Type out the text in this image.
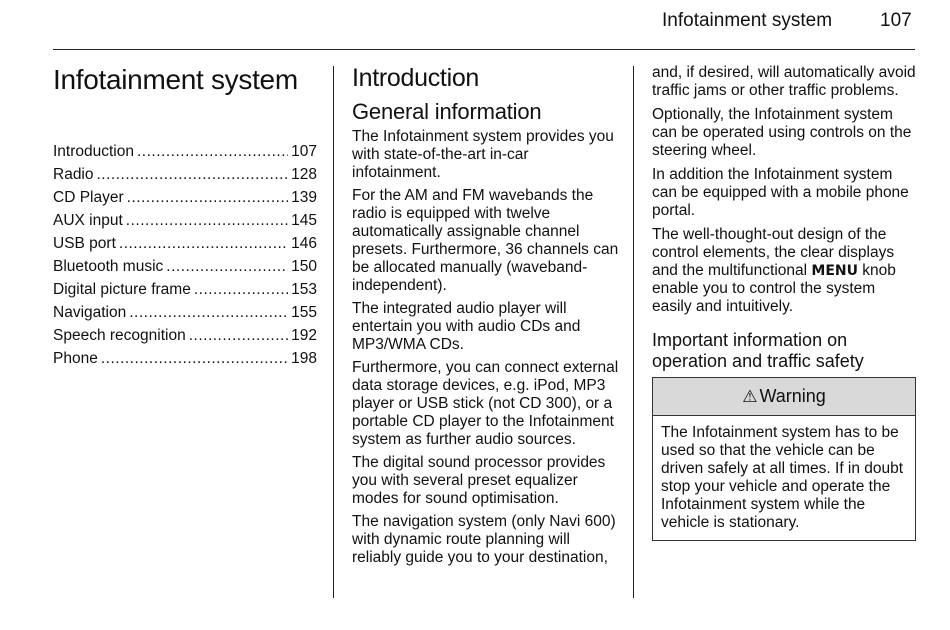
Infotainment system	107
Infotainment system
Introduction .....	107
Radio .....	128
CD Player .....	139
AUX input .....	145
USB port .....	146
Bluetooth music .....	150
Digital picture frame .....	153
Navigation .....	155
Speech recognition .....	192
Phone .....	198
Introduction
General information

The Infotainment system provides you with state-of-the-art in-car infotainment.

For the AM and FM wavebands the radio is equipped with twelve automatically assignable channel presets. Furthermore, 36 channels can be allocated manually (waveband-independent).

The integrated audio player will entertain you with audio CDs and MP3/WMA CDs.

Furthermore, you can connect external data storage devices, e.g. iPod, MP3 player or USB stick (not CD 300), or a portable CD player to the Infotainment system as further audio sources.

The digital sound processor provides you with several preset equalizer modes for sound optimisation.

The navigation system (only Navi 600) with dynamic route planning will reliably guide you to your destination,

and, if desired, will automatically avoid traffic jams or other traffic problems.

Optionally, the Infotainment system can be operated using controls on the steering wheel.

In addition the Infotainment system can be equipped with a mobile phone portal.

The well-thought-out design of the control elements, the clear displays and the multifunctional MENU knob enable you to control the system easily and intuitively.

Important information on operation and traffic safety
⚠ Warning
The Infotainment system has to be used so that the vehicle can be driven safely at all times. If in doubt stop your vehicle and operate the Infotainment system while the vehicle is stationary.
